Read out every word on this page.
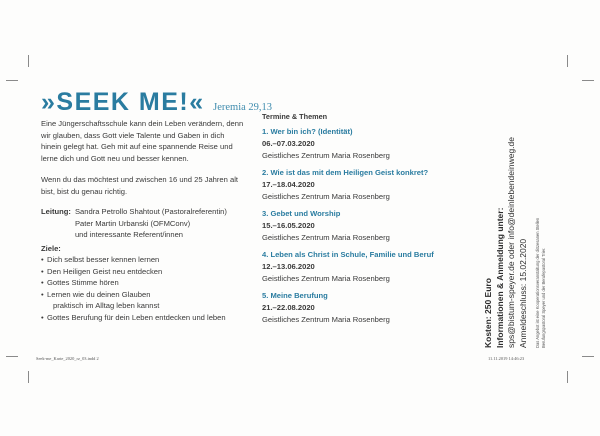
»SEEK ME!« Jeremia 29,13
Eine Jüngerschaftsschule kann dein Leben verändern, denn wir glauben, dass Gott viele Talente und Gaben in dich hinein gelegt hat. Geh mit auf eine spannende Reise und lerne dich und Gott neu und besser kennen.
Wenn du das möchtest und zwischen 16 und 25 Jahren alt bist, bist du genau richtig.
Leitung:	Sandra Petrollo Shahtout (Pastoralreferentin)
	Pater Martin Urbanski (OFMConv)
	und interessante Referent/innen
Ziele:
• Dich selbst besser kennen lernen
• Den Heiligen Geist neu entdecken
• Gottes Stimme hören
• Lernen wie du deinen Glauben
praktisch im Alltag leben kannst
• Gottes Berufung für dein Leben entdecken und leben
Termine & Themen
1. Wer bin ich? (Identität)
06.–07.03.2020
Geistliches Zentrum Maria Rosenberg
2. Wie ist das mit dem Heiligen Geist konkret?
17.–18.04.2020
Geistliches Zentrum Maria Rosenberg
3. Gebet und Worship
15.–16.05.2020
Geistliches Zentrum Maria Rosenberg
4. Leben als Christ in Schule, Familie und Beruf
12.–13.06.2020
Geistliches Zentrum Maria Rosenberg
5. Meine Berufung
21.–22.08.2020
Geistliches Zentrum Maria Rosenberg	Kosten: 250 Euro Informationen & Anmeldung unter: sps@bistum-speyer.de oder info@deinlebendeinweg.de Anmeldeschluss: 15.02.2020	Das Angebot ist eine Kooperationsveranstaltung der diözesanen Stellen Berufungspastoral Speyer und der Berufepastoral Trier.
Seek-me_Karte_2020_rz_03.indd 2	11.11.2019 14:46:23
